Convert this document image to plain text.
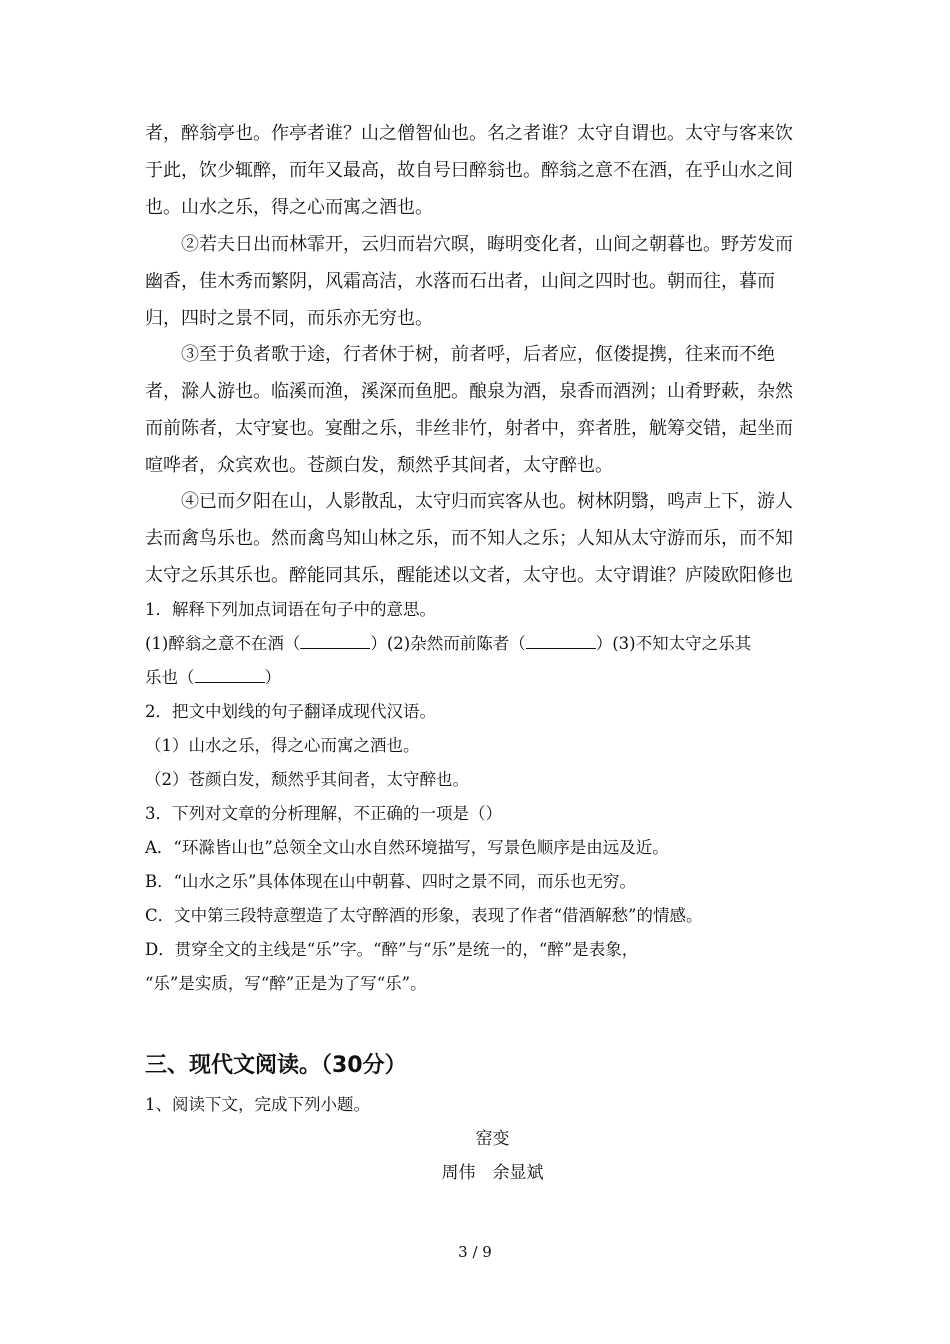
者，醉翁亭也。作亭者谁？山之僧智仙也。名之者谁？太守自谓也。太守与客来饮

于此，饮少辄醉，而年又最高，故自号曰醉翁也。醉翁之意不在酒，在乎山水之间

也。山水之乐，得之心而寓之酒也。

②若夫日出而林霏开，云归而岩穴暝，晦明变化者，山间之朝暮也。野芳发而幽香，佳木秀而繁阴，风霜高洁，水落而石出者，山间之四时也。朝而往，暮而归，四时之景不同，而乐亦无穷也。

③至于负者歌于途，行者休于树，前者呼，后者应，伛偻提携，往来而不绝者，滁人游也。临溪而渔，溪深而鱼肥。酿泉为酒，泉香而酒洌；山肴野蔌，杂然而前陈者，太守宴也。宴酣之乐，非丝非竹，射者中，弈者胜，觥筹交错，起坐而喧哗者，众宾欢也。苍颜白发，颓然乎其间者，太守醉也。

④已而夕阳在山，人影散乱，太守归而宾客从也。树林阴翳，鸣声上下，游人去而禽鸟乐也。然而禽鸟知山林之乐，而不知人之乐；人知从太守游而乐，而不知太守之乐其乐也。醉能同其乐，醒能述以文者，太守也。太守谓谁？庐陵欧阳修也

1．解释下列加点词语在句子中的意思。

(1)醉翁之意 ·不在酒（	）(2)杂然而前陈 ·者（	）(3)不知太守之乐 ·其

乐也（	）

2．把文中划线的句子翻译成现代汉语。

（1）山水之乐，得之心而寓之酒也。

（2）苍颜白发，颓然乎其间者，太守醉也。

3．下列对文章的分析理解，不正确的一项是（）

A．“环滁皆山也”总领全文山水自然环境描写，写景色顺序是由远及近。

B．“山水之乐”具体体现在山中朝暮、四时之景不同，而乐也无穷。

C．文中第三段特意塑造了太守醉酒的形象，表现了作者“借酒解愁”的情感。

D．贯穿全文的主线是“乐”字。“醉”与“乐”是统一的，“醉”是表象，

“乐”是实质，写“醉”正是为了写“乐”。

三、现代文阅读。（30分）

1、阅读下文，完成下列小题。

窑变

周伟　余显斌

3 / 9
